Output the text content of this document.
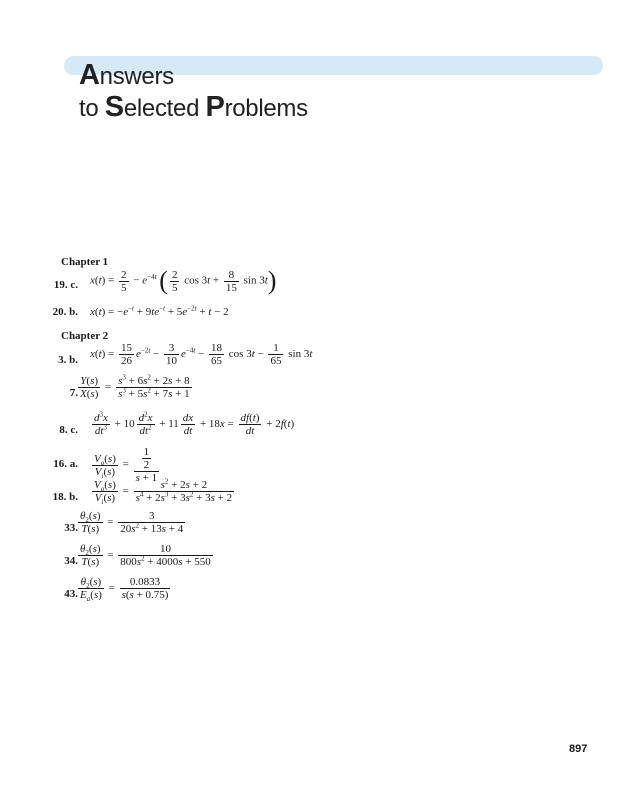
Answers
to Selected Problems
Chapter 1
19. c. $x(t) = \frac{2}{5} - e^{-4t}$ ( $\frac{2}{5}$ $\cos 3t + \frac{8}{15}$ sin 3t)
20. b. $x(t) = -e^{-t} + 9te^{-t} + 5e^{-2t} + t - 2$
Chapter 2
3. b. $x(t) = \frac{15}{26} e^{-2t} - \frac{3}{10} e^{-4t} - \frac{18}{65}$ $\cos 3t - \frac{1}{65}$ sin 3t
7. $\frac{Y(s)}{X(s)} = \frac{s^3 + 6s^2 + 2s + 8}{s^3 + 5s^2 + 7s + 1}$
8. c. $\frac{d^3x}{dt^3} + 10 \frac{d^2x}{dt^2} + 11 \frac{dx}{dt} + 18x = \frac{df(t)}{dt} + 2f(t)$
16. a. $\frac{V_o(s)}{V_i(s)} = \frac{\frac{1}{2}}{s + 1}$
18. b. $\frac{V_o(s)}{V_i(s)} = \frac{s^2 + 2s + 2}{s^4 + 2s^3 + 3s^2 + 3s + 2}$
33. $\frac{\theta_2(s)}{T(s)} = \frac{3}{20s^2 + 13s + 4}$
34. $\frac{\theta_2(s)}{T(s)} = \frac{10}{800s^2 + 4000s + 550}$
43. $\frac{\theta_2(s)}{E_a(s)} = \frac{0.0833}{s(s + 0.75)}$
897
